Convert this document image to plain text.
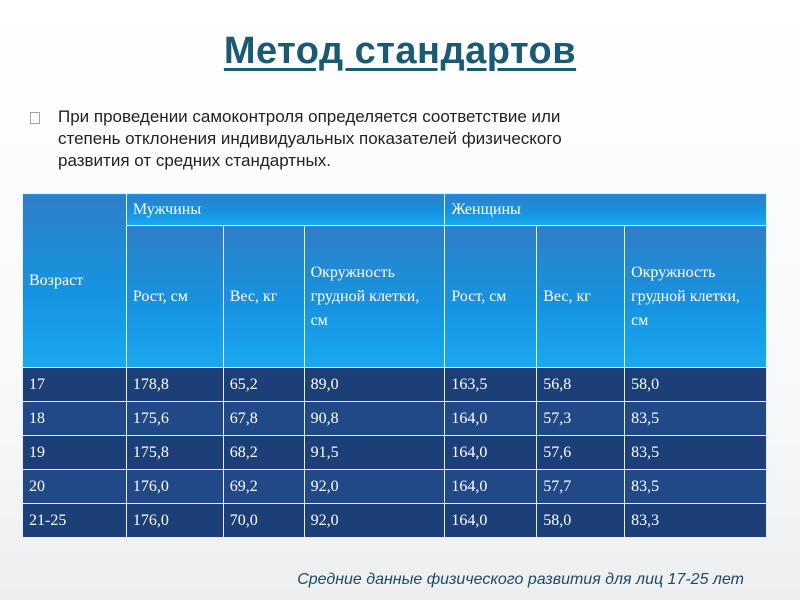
Метод стандартов
При проведении самоконтроля определяется соответствие или
степень отклонения индивидуальных показателей физического
развития от средних стандартных.
Возраст	Мужчины			Женщины		
	Рост, см	Вес, кг	Окружность грудной клетки, см	Рост, см	Вес, кг	Окружность грудной клетки, см
17	178,8	65,2	89,0	163,5	56,8	58,0
18	175,6	67,8	90,8	164,0	57,3	83,5
19	175,8	68,2	91,5	164,0	57,6	83,5
20	176,0	69,2	92,0	164,0	57,7	83,5
21-25	176,0	70,0	92,0	164,0	58,0	83,3
Средние данные физического развития для лиц 17-25 лет
